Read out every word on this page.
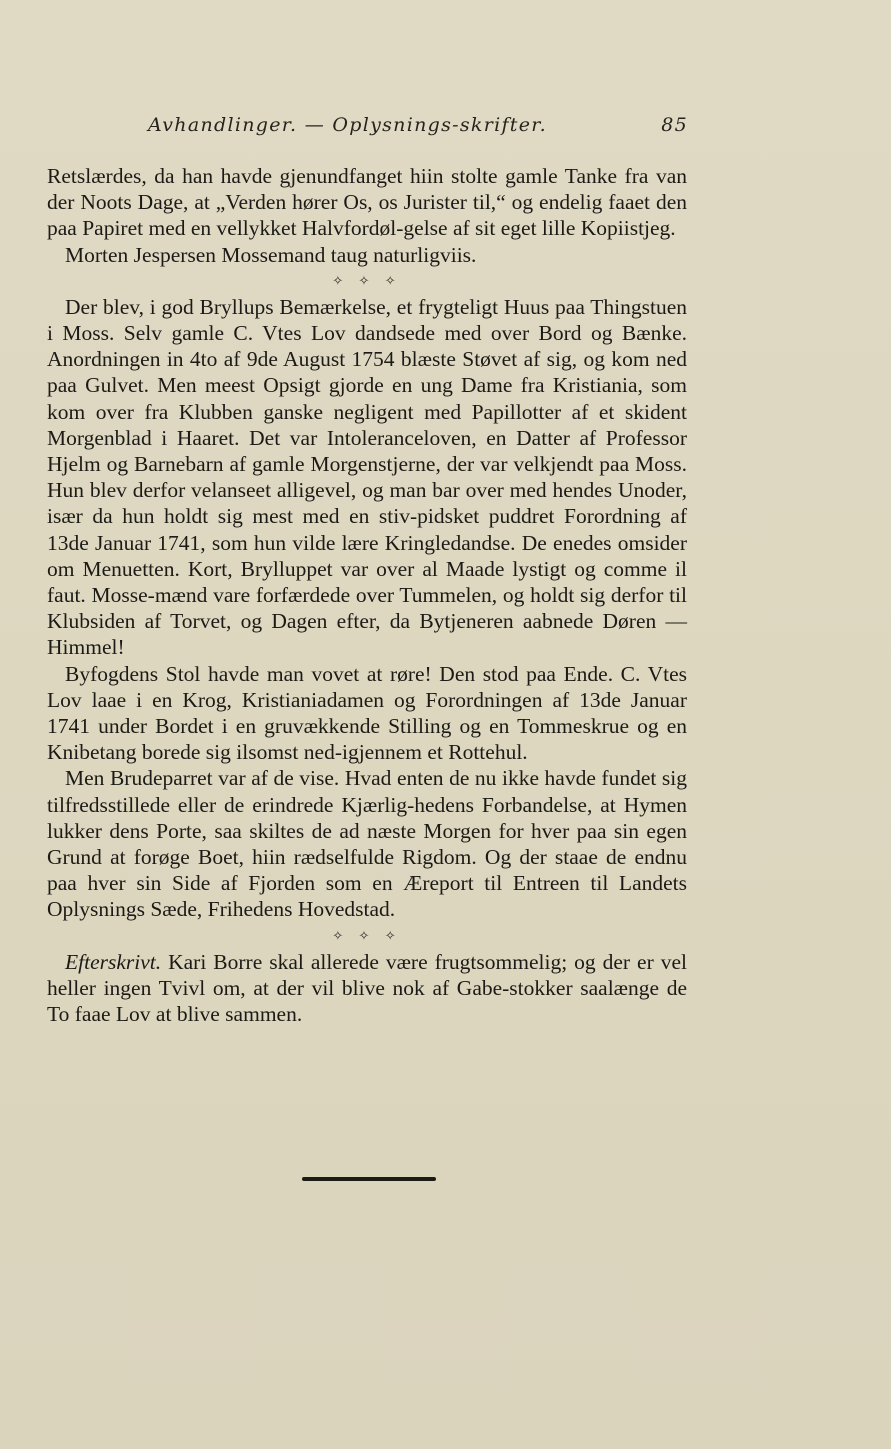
Avhandlinger. — Oplysnings-skrifter.	85

Retslærdes, da han havde gjenundfanget hiin stolte gamle Tanke fra van der Noots Dage, at „Verden hører Os, os Jurister til,“ og endelig faaet den paa Papiret med en vellykket Halvfordøl-gelse af sit eget lille Kopiistjeg.

Morten Jespersen Mossemand taug naturligviis.

✧ ✧ ✧

Der blev, i god Bryllups Bemærkelse, et frygteligt Huus paa Thingstuen i Moss. Selv gamle C. Vtes Lov dandsede med over Bord og Bænke. Anordningen in 4to af 9de August 1754 blæste Støvet af sig, og kom ned paa Gulvet. Men meest Opsigt gjorde en ung Dame fra Kristiania, som kom over fra Klubben ganske negligent med Papillotter af et skident Morgenblad i Haaret. Det var Intoleranceloven, en Datter af Professor Hjelm og Barnebarn af gamle Morgenstjerne, der var velkjendt paa Moss. Hun blev derfor velanseet alligevel, og man bar over med hendes Unoder, især da hun holdt sig mest med en stiv-pidsket puddret Forordning af 13de Januar 1741, som hun vilde lære Kringledandse. De enedes omsider om Menuetten. Kort, Brylluppet var over al Maade lystigt og comme il faut. Mosse-mænd vare forfærdede over Tummelen, og holdt sig derfor til Klubsiden af Torvet, og Dagen efter, da Bytjeneren aabnede Døren — Himmel!

Byfogdens Stol havde man vovet at røre! Den stod paa Ende. C. Vtes Lov laae i en Krog, Kristianiadamen og Forordningen af 13de Januar 1741 under Bordet i en gruvækkende Stilling og en Tommeskrue og en Knibetang borede sig ilsomst ned-igjennem et Rottehul.

Men Brudeparret var af de vise. Hvad enten de nu ikke havde fundet sig tilfredsstillede eller de erindrede Kjærlig-hedens Forbandelse, at Hymen lukker dens Porte, saa skiltes de ad næste Morgen for hver paa sin egen Grund at forøge Boet, hiin rædselfulde Rigdom. Og der staae de endnu paa hver sin Side af Fjorden som en Æreport til Entreen til Landets Oplysnings Sæde, Frihedens Hovedstad.

✧ ✧ ✧

Efterskrivt. Kari Borre skal allerede være frugtsommelig; og der er vel heller ingen Tvivl om, at der vil blive nok af Gabe-stokker saalænge de To faae Lov at blive sammen.
